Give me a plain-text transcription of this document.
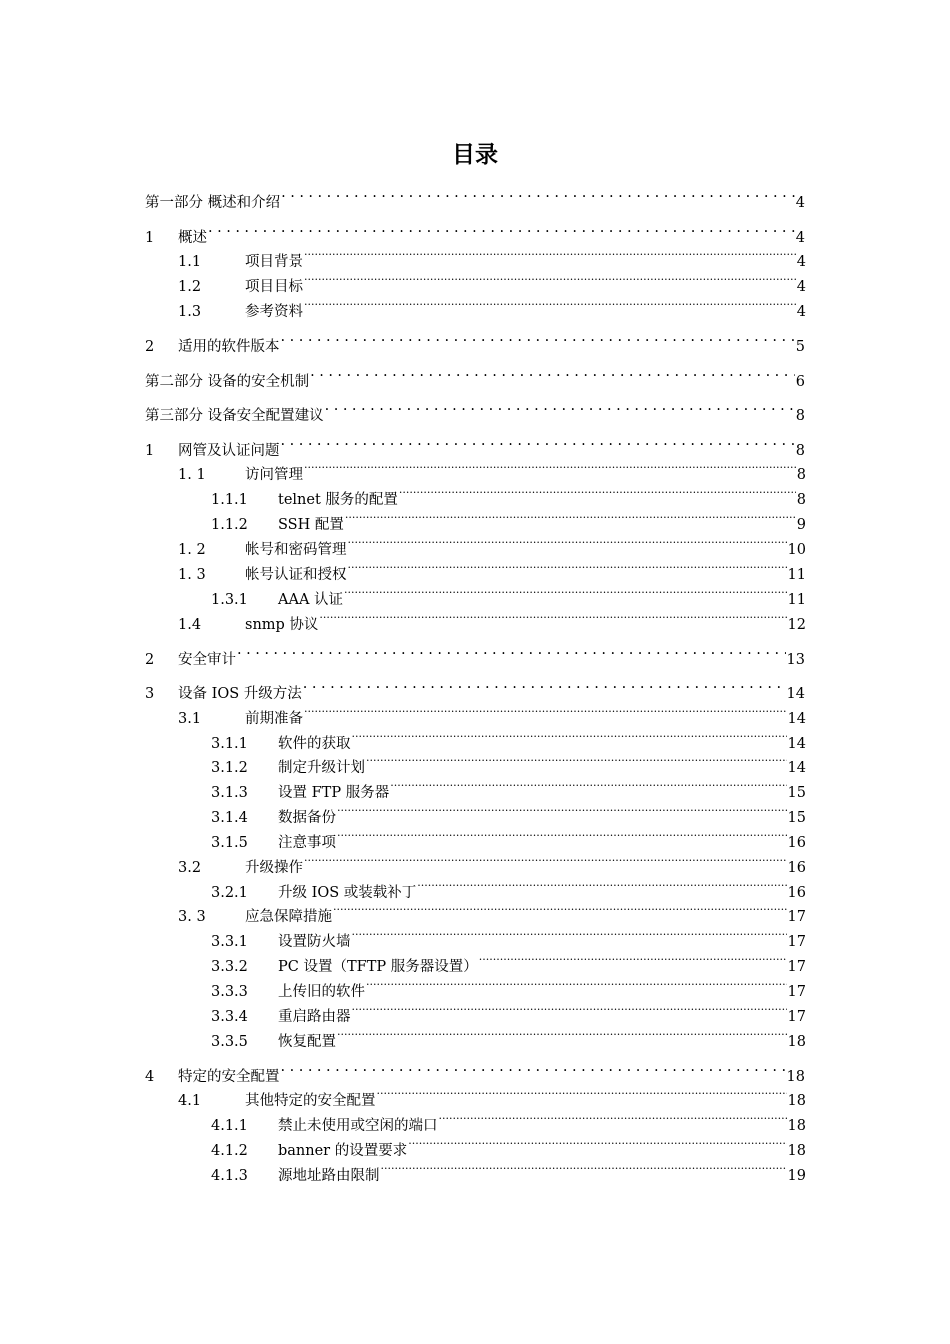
目录
第一部分 概述和介绍 .....	4
1	概述 .....	4
1.1	项目背景 .....	4
1.2	项目目标 .....	4
1.3	参考资料 .....	4
2	适用的软件版本 .....	5
第二部分 设备的安全机制 .....	6
第三部分 设备安全配置建议 .....	8
1	网管及认证问题 .....	8
1. 1	访问管理 .....	8
1.1.1	telnet 服务的配置 .....	8
1.1.2	SSH 配置 .....	9
1. 2	帐号和密码管理 .....	10
1. 3	帐号认证和授权 .....	11
1.3.1	AAA 认证 .....	11
1.4	snmp 协议 .....	12
2	安全审计 .....	13
3	设备 IOS 升级方法 .....	14
3.1	前期准备 .....	14
3.1.1	软件的获取 .....	14
3.1.2	制定升级计划 .....	14
3.1.3	设置 FTP 服务器 .....	15
3.1.4	数据备份 .....	15
3.1.5	注意事项 .....	16
3.2	升级操作 .....	16
3.2.1	升级 IOS 或装载补丁 .....	16
3. 3	应急保障措施 .....	17
3.3.1	设置防火墙 .....	17
3.3.2	PC 设置（TFTP 服务器设置） .....	17
3.3.3	上传旧的软件 .....	17
3.3.4	重启路由器 .....	17
3.3.5	恢复配置 .....	18
4	特定的安全配置 .....	18
4.1	其他特定的安全配置 .....	18
4.1.1	禁止未使用或空闲的端口 .....	18
4.1.2	banner 的设置要求 .....	18
4.1.3	源地址路由限制 .....	19
